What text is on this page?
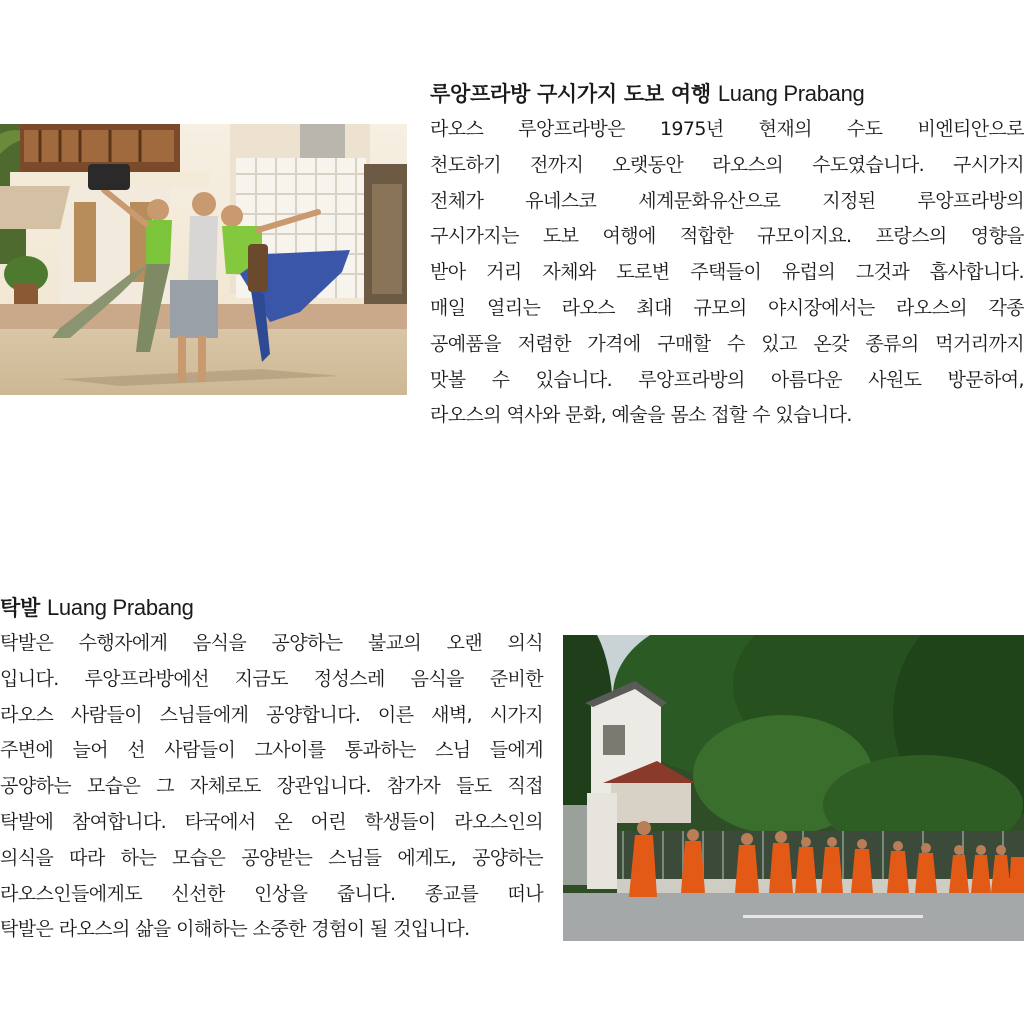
루앙프라방 구시가지 도보 여행 Luang Prabang

라오스 루앙프라방은 1975년 현재의 수도 비엔티안으로
천도하기 전까지 오랫동안 라오스의 수도였습니다. 구시가지
전체가 유네스코 세계문화유산으로 지정된 루앙프라방의
구시가지는 도보 여행에 적합한 규모이지요. 프랑스의 영향을
받아 거리 자체와 도로변 주택들이 유럽의 그것과 흡사합니다.
매일 열리는 라오스 최대 규모의 야시장에서는 라오스의 각종
공예품을 저렴한 가격에 구매할 수 있고 온갖 종류의 먹거리까지
맛볼 수 있습니다. 루앙프라방의 아름다운 사원도 방문하여,
라오스의 역사와 문화, 예술을 몸소 접할 수 있습니다.

탁발 Luang Prabang

탁발은 수행자에게 음식을 공양하는 불교의 오랜 의식
입니다. 루앙프라방에선 지금도 정성스레 음식을 준비한
라오스 사람들이 스님들에게 공양합니다. 이른 새벽, 시가지
주변에 늘어 선 사람들이 그사이를 통과하는 스님 들에게
공양하는 모습은 그 자체로도 장관입니다. 참가자 들도 직접
탁발에 참여합니다. 타국에서 온 어린 학생들이 라오스인의
의식을 따라 하는 모습은 공양받는 스님들 에게도, 공양하는
라오스인들에게도 신선한 인상을 줍니다. 종교를 떠나
탁발은 라오스의 삶을 이해하는 소중한 경험이 될 것입니다.
